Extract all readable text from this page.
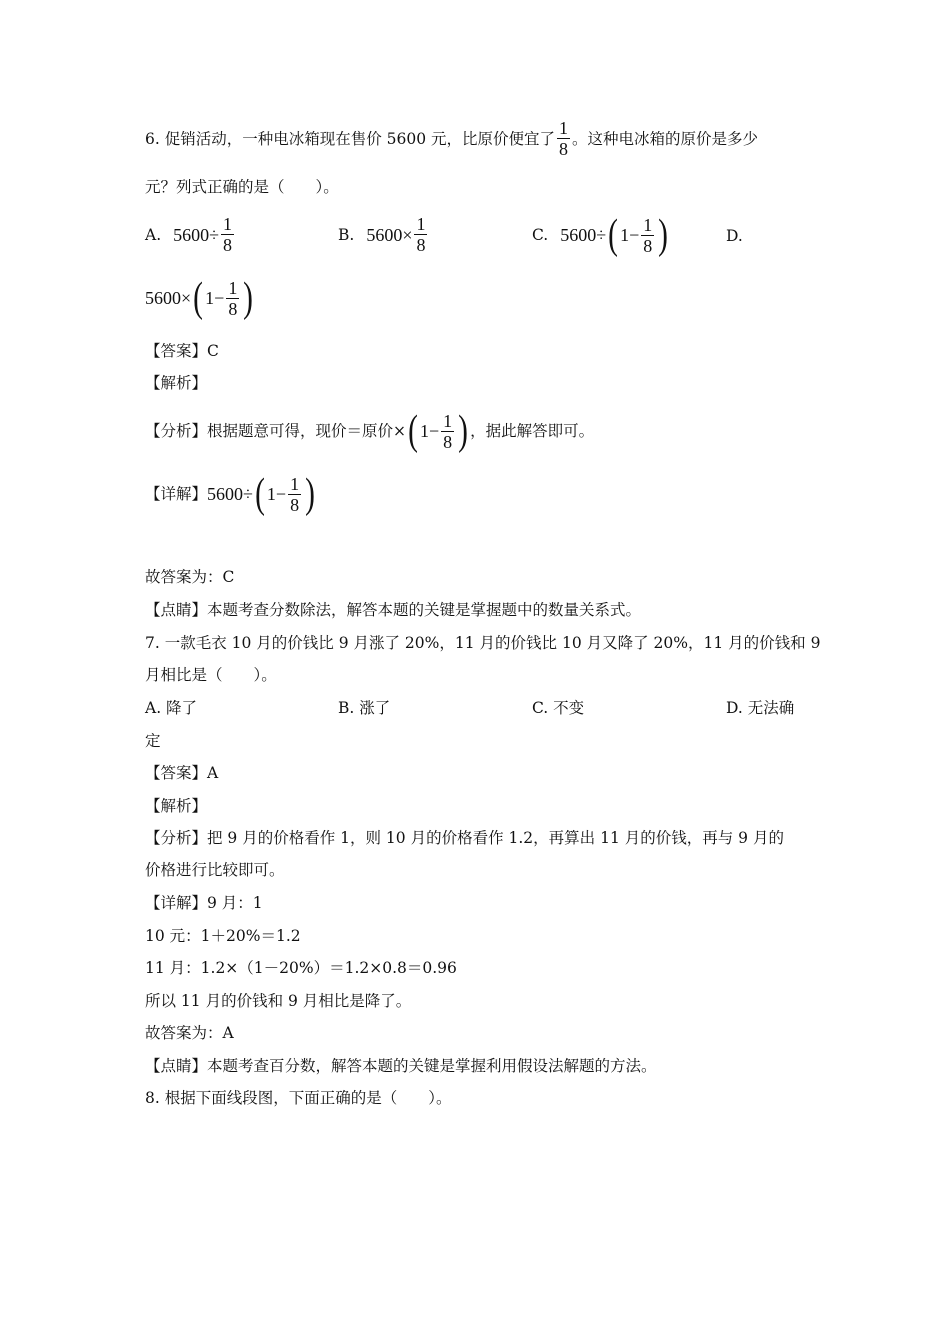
6. 促销活动，一种电冰箱现在售价 5600 元，比原价便宜了 $\frac{1}{8}$ 。这种电冰箱的原价是多少
元？列式正确的是（　　）。
A. $5600 \div \frac{1}{8}$	B. $5600 \times \frac{1}{8}$	C. 5600 ÷ ( $1 - \frac{1}{8}$ )	D.
5600 × ( $1 - \frac{1}{8}$ )
【答案】C
【解析】
【分析】根据题意可得，现价＝原价× ( $1 - \frac{1}{8}$ ) ，据此解答即可。
【详解】 5600 ÷ ( $1 - \frac{1}{8}$ )
故答案为：C
【点睛】本题考查分数除法，解答本题的关键是掌握题中的数量关系式。
7. 一款毛衣 10 月的价钱比 9 月涨了 20%，11 月的价钱比 10 月又降了 20%，11 月的价钱和 9
月相比是（　　）。
A. 降了	B. 涨了	C. 不变	D. 无法确
定
【答案】A
【解析】
【分析】把 9 月的价格看作 1，则 10 月的价格看作 1.2，再算出 11 月的价钱，再与 9 月的
价格进行比较即可。
【详解】9 月：1
10 元：1＋20%＝1.2
11 月：1.2×（1－20%）＝1.2×0.8＝0.96
所以 11 月的价钱和 9 月相比是降了。
故答案为：A
【点睛】本题考查百分数，解答本题的关键是掌握利用假设法解题的方法。
8. 根据下面线段图，下面正确的是（　　）。
